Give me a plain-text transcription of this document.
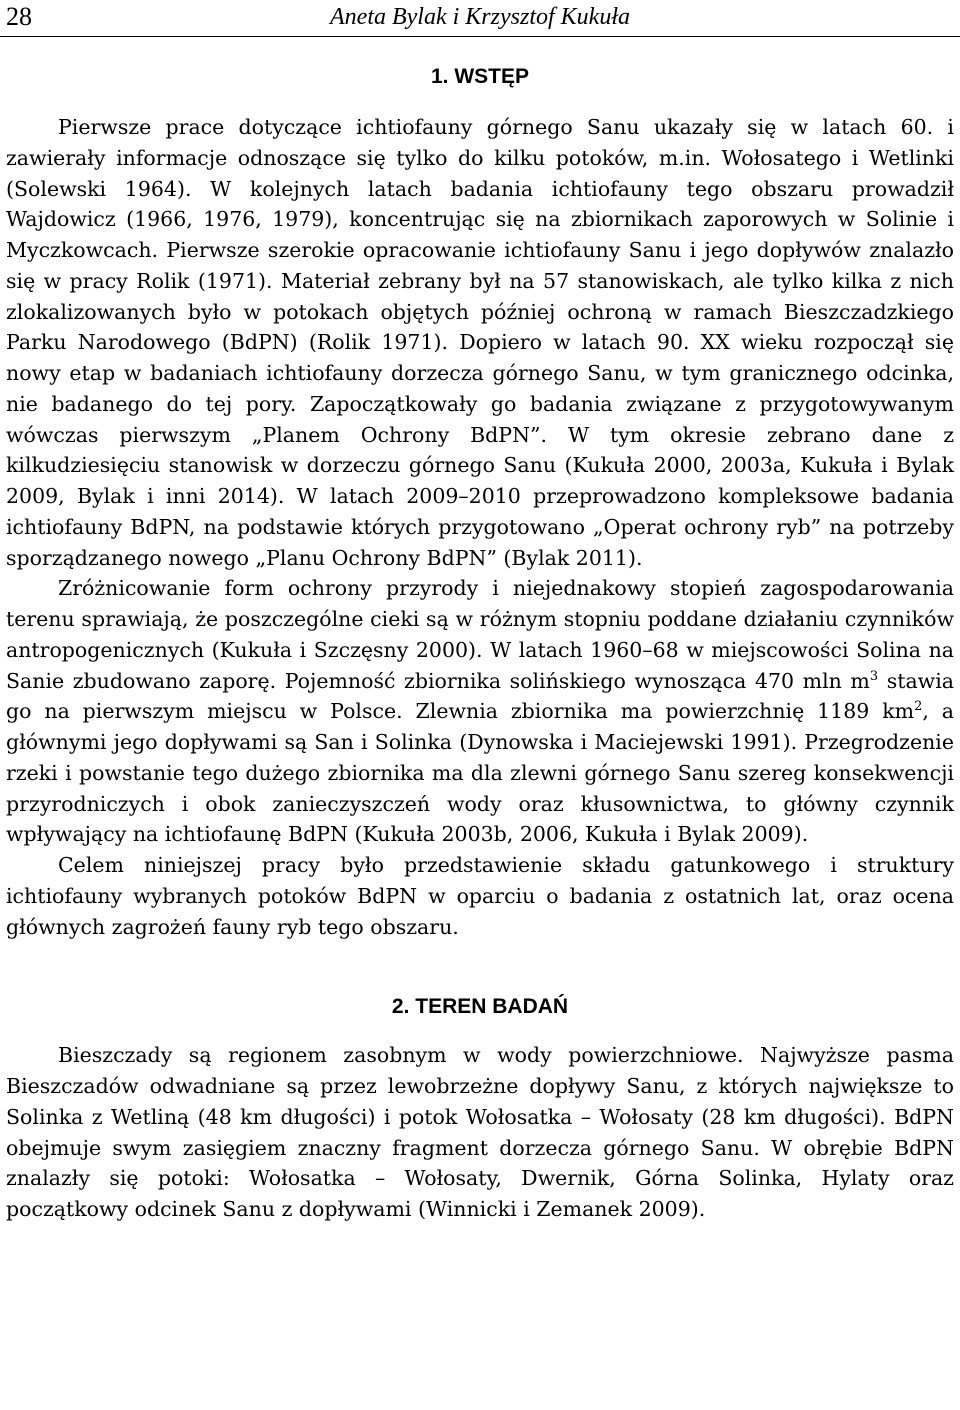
28	Aneta Bylak i Krzysztof Kukuła
1. WSTĘP

Pierwsze prace dotyczące ichtiofauny górnego Sanu ukazały się w latach 60. i zawierały informacje odnoszące się tylko do kilku potoków, m.in. Wołosatego i Wetlinki (Solewski 1964). W kolejnych latach badania ichtiofauny tego obszaru prowadził Wajdowicz (1966, 1976, 1979), koncentrując się na zbiornikach zaporowych w Solinie i Myczkowcach. Pierwsze szerokie opracowanie ichtiofauny Sanu i jego dopływów znalazło się w pracy Rolik (1971). Materiał zebrany był na 57 stanowiskach, ale tylko kilka z nich zlokalizowanych było w potokach objętych później ochroną w ramach Bieszczadzkiego Parku Narodowego (BdPN) (Rolik 1971). Dopiero w latach 90. XX wieku rozpoczął się nowy etap w badaniach ichtiofauny dorzecza górnego Sanu, w tym granicznego odcinka, nie badanego do tej pory. Zapoczątkowały go badania związane z przygotowywanym wówczas pierwszym „Planem Ochrony BdPN”. W tym okresie zebrano dane z kilkudziesięciu stanowisk w dorzeczu górnego Sanu (Kukuła 2000, 2003a, Kukuła i Bylak 2009, Bylak i inni 2014). W latach 2009–2010 przeprowadzono kompleksowe badania ichtiofauny BdPN, na podstawie których przygotowano „Operat ochrony ryb” na potrzeby sporządzanego nowego „Planu Ochrony BdPN” (Bylak 2011).

Zróżnicowanie form ochrony przyrody i niejednakowy stopień zagospodarowania terenu sprawiają, że poszczególne cieki są w różnym stopniu poddane działaniu czynników antropogenicznych (Kukuła i Szczęsny 2000). W latach 1960–68 w miejscowości Solina na Sanie zbudowano zaporę. Pojemność zbiornika solińskiego wynosząca 470 mln $m^3$ stawia go na pierwszym miejscu w Polsce. Zlewnia zbiornika ma powierzchnię 1189 $km^2$, a głównymi jego dopływami są San i Solinka (Dynowska i Maciejewski 1991). Przegrodzenie rzeki i powstanie tego dużego zbiornika ma dla zlewni górnego Sanu szereg konsekwencji przyrodniczych i obok zanieczyszczeń wody oraz kłusownictwa, to główny czynnik wpływający na ichtiofaunę BdPN (Kukuła 2003b, 2006, Kukuła i Bylak 2009).

Celem niniejszej pracy było przedstawienie składu gatunkowego i struktury ichtiofauny wybranych potoków BdPN w oparciu o badania z ostatnich lat, oraz ocena głównych zagrożeń fauny ryb tego obszaru.

2. TEREN BADAŃ

Bieszczady są regionem zasobnym w wody powierzchniowe. Najwyższe pasma Bieszczadów odwadniane są przez lewobrzeżne dopływy Sanu, z których największe to Solinka z Wetliną (48 km długości) i potok Wołosatka – Wołosaty (28 km długości). BdPN obejmuje swym zasięgiem znaczny fragment dorzecza górnego Sanu. W obrębie BdPN znalazły się potoki: Wołosatka – Wołosaty, Dwernik, Górna Solinka, Hylaty oraz początkowy odcinek Sanu z dopływami (Winnicki i Zemanek 2009).
